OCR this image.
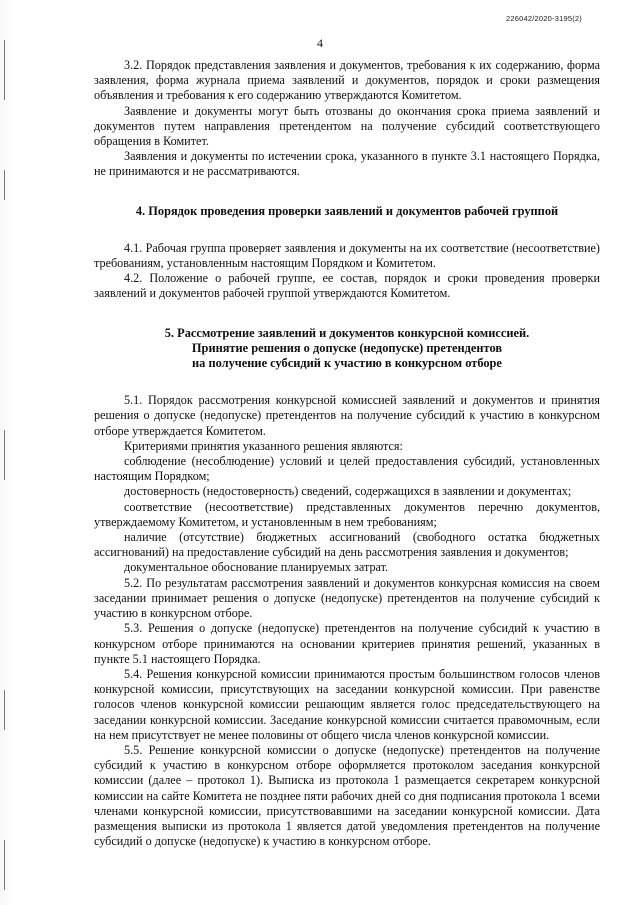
226042/2020-3195(2)
4

3.2. Порядок представления заявления и документов, требования к их содержанию, форма заявления, форма журнала приема заявлений и документов, порядок и сроки размещения объявления и требования к его содержанию утверждаются Комитетом.

Заявление и документы могут быть отозваны до окончания срока приема заявлений и документов путем направления претендентом на получение субсидий соответствующего обращения в Комитет.

Заявления и документы по истечении срока, указанного в пункте 3.1 настоящего Порядка, не принимаются и не рассматриваются.

4. Порядок проведения проверки заявлений и документов рабочей группой

4.1. Рабочая группа проверяет заявления и документы на их соответствие (несоответствие) требованиям, установленным настоящим Порядком и Комитетом.

4.2. Положение о рабочей группе, ее состав, порядок и сроки проведения проверки заявлений и документов рабочей группой утверждаются Комитетом.

5. Рассмотрение заявлений и документов конкурсной комиссией.
Принятие решения о допуске (недопуске) претендентов
на получение субсидий к участию в конкурсном отборе

5.1. Порядок рассмотрения конкурсной комиссией заявлений и документов и принятия решения о допуске (недопуске) претендентов на получение субсидий к участию в конкурсном отборе утверждается Комитетом.

Критериями принятия указанного решения являются:

соблюдение (несоблюдение) условий и целей предоставления субсидий, установленных настоящим Порядком;

достоверность (недостоверность) сведений, содержащихся в заявлении и документах;

соответствие (несоответствие) представленных документов перечню документов, утверждаемому Комитетом, и установленным в нем требованиям;

наличие (отсутствие) бюджетных ассигнований (свободного остатка бюджетных ассигнований) на предоставление субсидий на день рассмотрения заявления и документов;

документальное обоснование планируемых затрат.

5.2. По результатам рассмотрения заявлений и документов конкурсная комиссия на своем заседании принимает решения о допуске (недопуске) претендентов на получение субсидий к участию в конкурсном отборе.

5.3. Решения о допуске (недопуске) претендентов на получение субсидий к участию в конкурсном отборе принимаются на основании критериев принятия решений, указанных в пункте 5.1 настоящего Порядка.

5.4. Решения конкурсной комиссии принимаются простым большинством голосов членов конкурсной комиссии, присутствующих на заседании конкурсной комиссии. При равенстве голосов членов конкурсной комиссии решающим является голос председательствующего на заседании конкурсной комиссии. Заседание конкурсной комиссии считается правомочным, если на нем присутствует не менее половины от общего числа членов конкурсной комиссии.

5.5. Решение конкурсной комиссии о допуске (недопуске) претендентов на получение субсидий к участию в конкурсном отборе оформляется протоколом заседания конкурсной комиссии (далее – протокол 1). Выписка из протокола 1 размещается секретарем конкурсной комиссии на сайте Комитета не позднее пяти рабочих дней со дня подписания протокола 1 всеми членами конкурсной комиссии, присутствовавшими на заседании конкурсной комиссии. Дата размещения выписки из протокола 1 является датой уведомления претендентов на получение субсидий о допуске (недопуске) к участию в конкурсном отборе.
